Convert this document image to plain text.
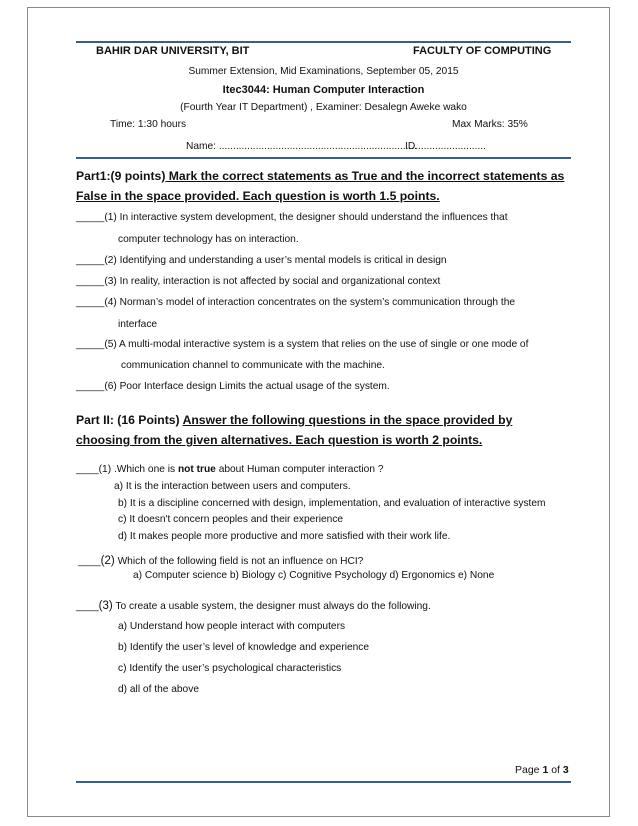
BAHIR DAR UNIVERSITY, BIT	FACULTY OF COMPUTING
Summer Extension, Mid Examinations, September 05, 2015
Itec3044: Human Computer Interaction
(Fourth Year IT Department) , Examiner: Desalegn Aweke wako
Time: 1:30 hours	Max Marks: 35%
Name: ......................................................................
ID.........................
Part1:(9 points) Mark the correct statements as True and the incorrect statements as False in the space provided. Each question is worth 1.5 points.
_____(1) In interactive system development, the designer should understand the influences that
computer technology has on interaction.
_____(2) Identifying and understanding a user’s mental models is critical in design
_____(3) In reality, interaction is not affected by social and organizational context
_____(4) Norman’s model of interaction concentrates on the system’s communication through the
interface
_____(5) A multi-modal interactive system is a system that relies on the use of single or one mode of
communication channel to communicate with the machine.
_____(6) Poor Interface design Limits the actual usage of the system.
Part II: (16 Points) Answer the following questions in the space provided by choosing from the given alternatives. Each question is worth 2 points.
____(1) .Which one is not true about Human computer interaction ?
a) It is the interaction between users and computers.
b) It is a discipline concerned with design, implementation, and evaluation of interactive system
c) It doesn't concern peoples and their experience
d) It makes people more productive and more satisfied with their work life.
____(2) Which of the following field is not an influence on HCI?
a) Computer science b) Biology c) Cognitive Psychology d) Ergonomics e) None
____(3) To create a usable system, the designer must always do the following.
a) Understand how people interact with computers
b) Identify the user’s level of knowledge and experience
c) Identify the user’s psychological characteristics
d) all of the above
Page 1 of 3
